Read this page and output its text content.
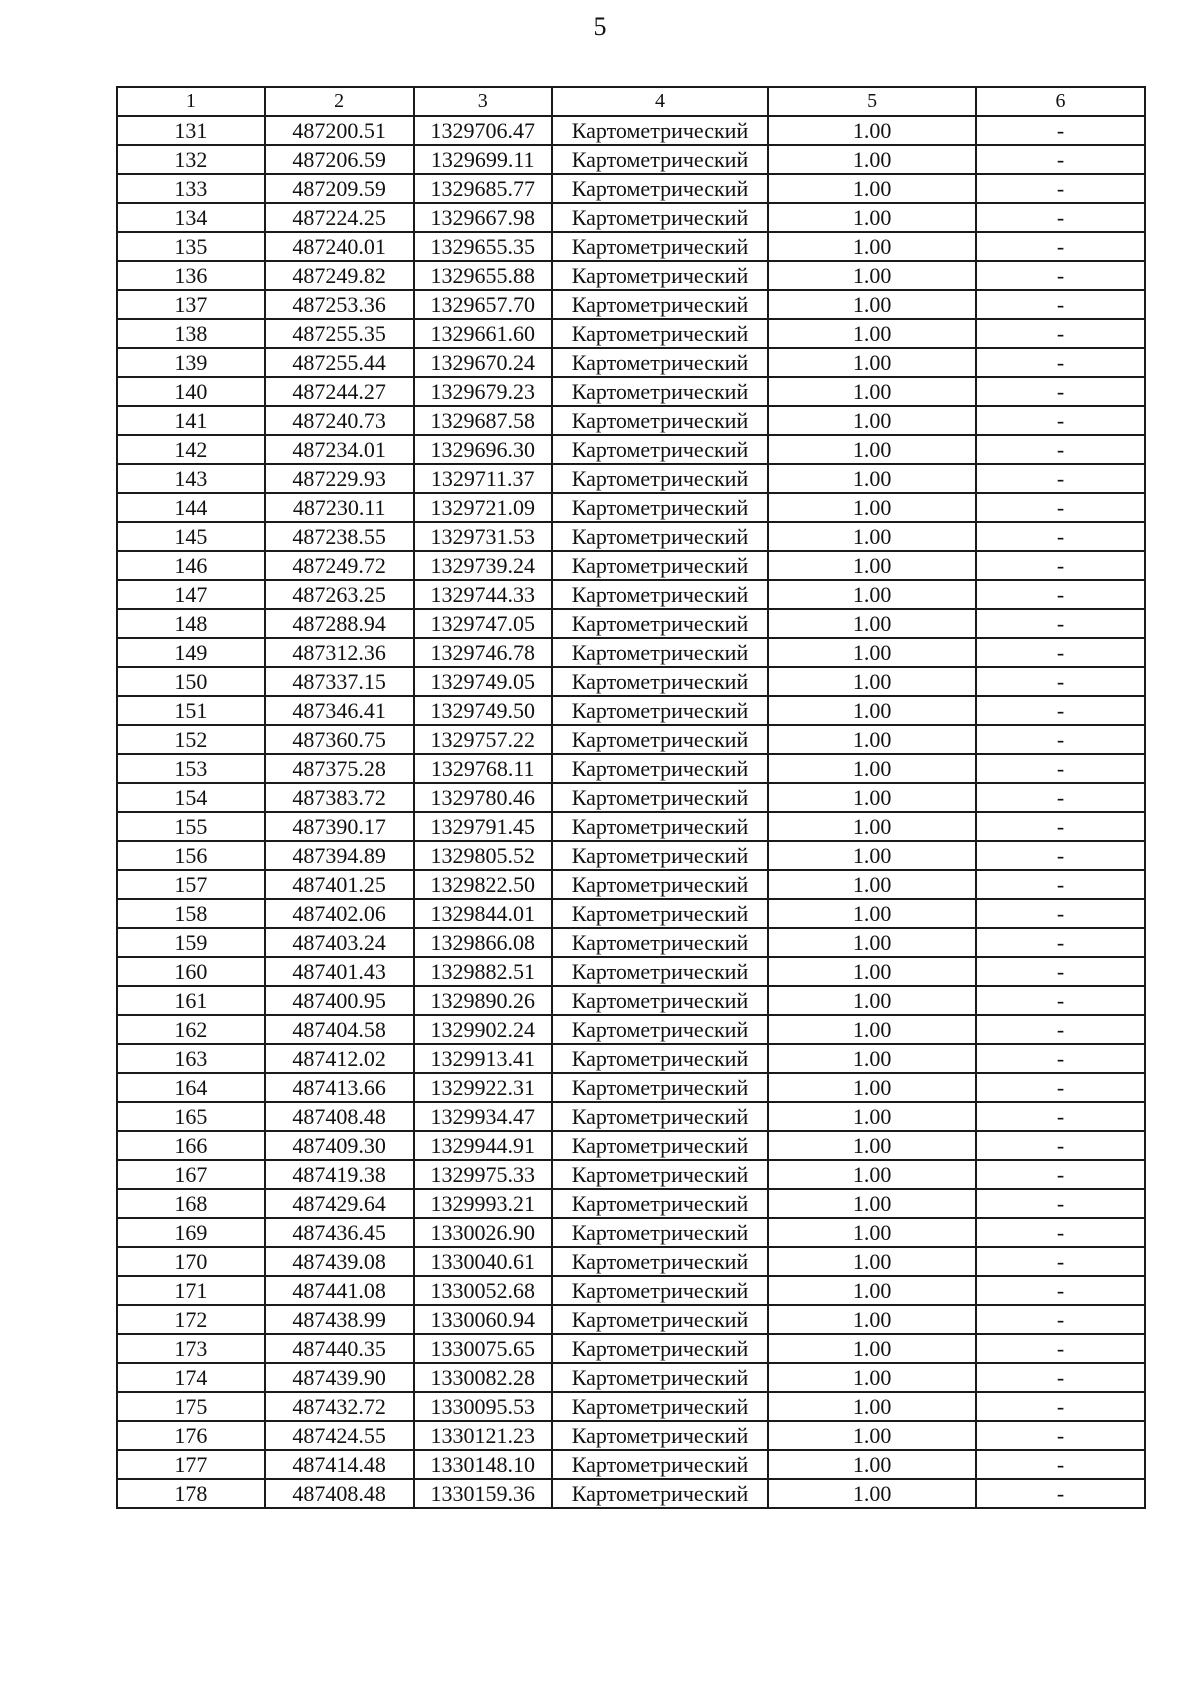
5
1	2	3	4	5	6
131	487200.51	1329706.47	Картометрический	1.00	-
132	487206.59	1329699.11	Картометрический	1.00	-
133	487209.59	1329685.77	Картометрический	1.00	-
134	487224.25	1329667.98	Картометрический	1.00	-
135	487240.01	1329655.35	Картометрический	1.00	-
136	487249.82	1329655.88	Картометрический	1.00	-
137	487253.36	1329657.70	Картометрический	1.00	-
138	487255.35	1329661.60	Картометрический	1.00	-
139	487255.44	1329670.24	Картометрический	1.00	-
140	487244.27	1329679.23	Картометрический	1.00	-
141	487240.73	1329687.58	Картометрический	1.00	-
142	487234.01	1329696.30	Картометрический	1.00	-
143	487229.93	1329711.37	Картометрический	1.00	-
144	487230.11	1329721.09	Картометрический	1.00	-
145	487238.55	1329731.53	Картометрический	1.00	-
146	487249.72	1329739.24	Картометрический	1.00	-
147	487263.25	1329744.33	Картометрический	1.00	-
148	487288.94	1329747.05	Картометрический	1.00	-
149	487312.36	1329746.78	Картометрический	1.00	-
150	487337.15	1329749.05	Картометрический	1.00	-
151	487346.41	1329749.50	Картометрический	1.00	-
152	487360.75	1329757.22	Картометрический	1.00	-
153	487375.28	1329768.11	Картометрический	1.00	-
154	487383.72	1329780.46	Картометрический	1.00	-
155	487390.17	1329791.45	Картометрический	1.00	-
156	487394.89	1329805.52	Картометрический	1.00	-
157	487401.25	1329822.50	Картометрический	1.00	-
158	487402.06	1329844.01	Картометрический	1.00	-
159	487403.24	1329866.08	Картометрический	1.00	-
160	487401.43	1329882.51	Картометрический	1.00	-
161	487400.95	1329890.26	Картометрический	1.00	-
162	487404.58	1329902.24	Картометрический	1.00	-
163	487412.02	1329913.41	Картометрический	1.00	-
164	487413.66	1329922.31	Картометрический	1.00	-
165	487408.48	1329934.47	Картометрический	1.00	-
166	487409.30	1329944.91	Картометрический	1.00	-
167	487419.38	1329975.33	Картометрический	1.00	-
168	487429.64	1329993.21	Картометрический	1.00	-
169	487436.45	1330026.90	Картометрический	1.00	-
170	487439.08	1330040.61	Картометрический	1.00	-
171	487441.08	1330052.68	Картометрический	1.00	-
172	487438.99	1330060.94	Картометрический	1.00	-
173	487440.35	1330075.65	Картометрический	1.00	-
174	487439.90	1330082.28	Картометрический	1.00	-
175	487432.72	1330095.53	Картометрический	1.00	-
176	487424.55	1330121.23	Картометрический	1.00	-
177	487414.48	1330148.10	Картометрический	1.00	-
178	487408.48	1330159.36	Картометрический	1.00	-
